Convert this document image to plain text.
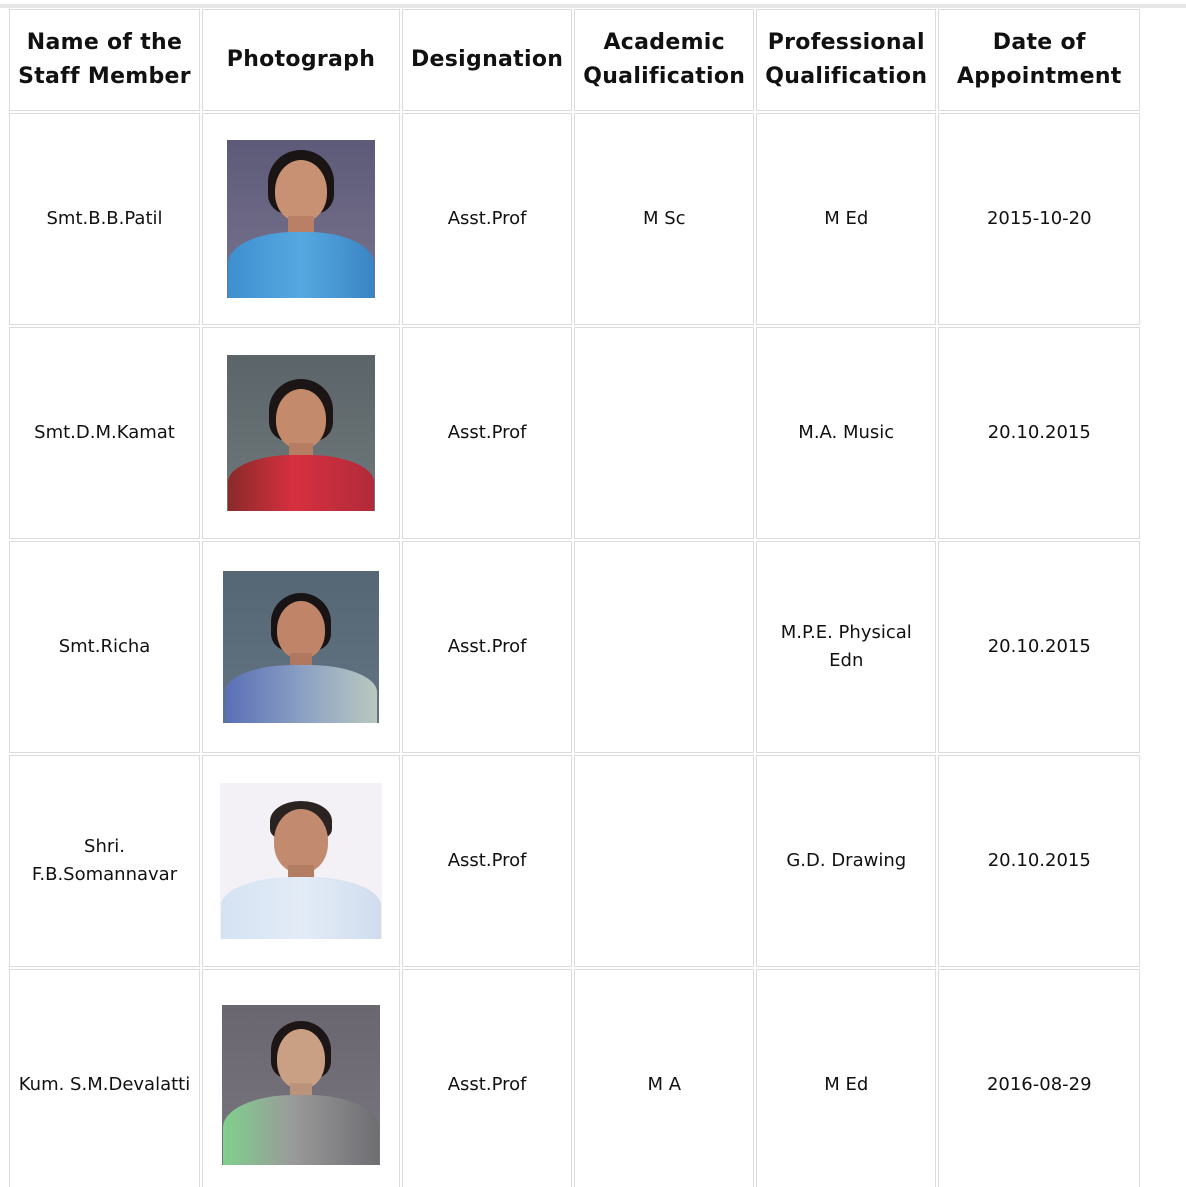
Name of the Staff Member	Photograph	Designation	Academic Qualification	Professional Qualification	Date of Appointment
Smt.B.B.Patil		Asst.Prof	M Sc	M Ed	2015-10-20
Smt.D.M.Kamat		Asst.Prof		M.A. Music	20.10.2015
Smt.Richa		Asst.Prof		M.P.E. Physical Edn	20.10.2015
Shri. F.B.Somannavar		Asst.Prof		G.D. Drawing	20.10.2015
Kum. S.M.Devalatti		Asst.Prof	M A	M Ed	2016-08-29
